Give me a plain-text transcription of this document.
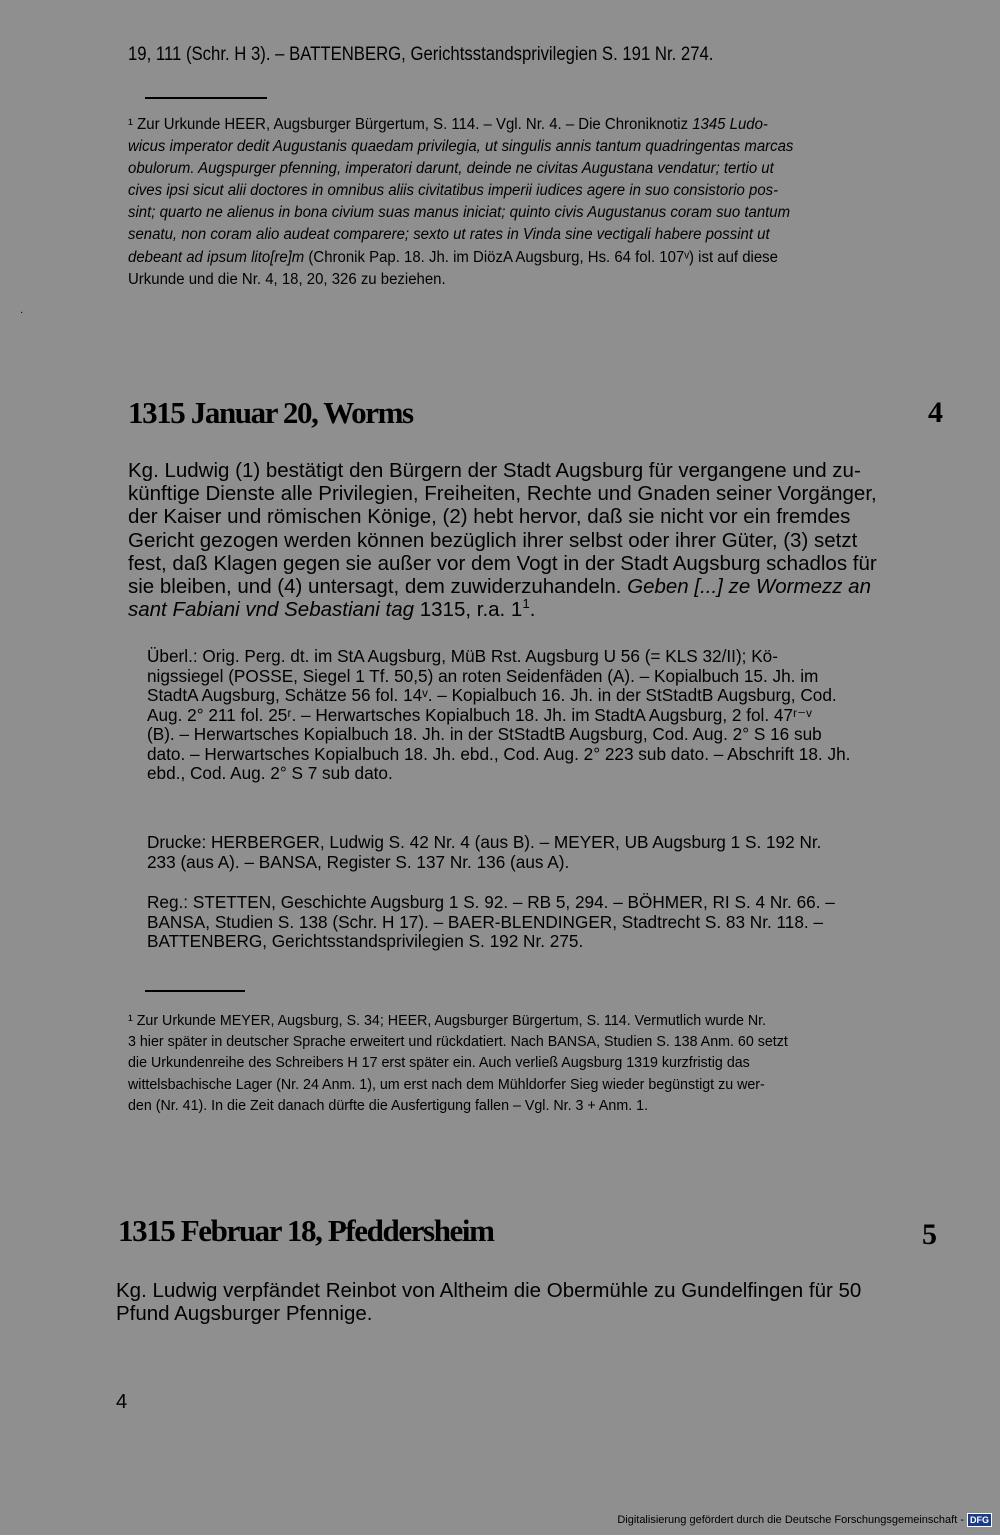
19, 111 (Schr. H 3). – BATTENBERG, Gerichtsstandsprivilegien S. 191 Nr. 274.
¹ Zur Urkunde HEER, Augsburger Bürgertum, S. 114. – Vgl. Nr. 4. – Die Chroniknotiz 1345 Ludo-
wicus imperator dedit Augustanis quaedam privilegia, ut singulis annis tantum quadringentas marcas
obulorum. Augspurger pfenning, imperatori darunt, deinde ne civitas Augustana vendatur; tertio ut
cives ipsi sicut alii doctores in omnibus aliis civitatibus imperii iudices agere in suo consistorio pos-
sint; quarto ne alienus in bona civium suas manus iniciat; quinto civis Augustanus coram suo tantum
senatu, non coram alio audeat comparere; sexto ut rates in Vinda sine vectigali habere possint ut
debeant ad ipsum lito[re]m (Chronik Pap. 18. Jh. im DiözA Augsburg, Hs. 64 fol. 107ᵛ) ist auf diese
Urkunde und die Nr. 4, 18, 20, 326 zu beziehen.
·
1315 Januar 20, Worms	4
Kg. Ludwig (1) bestätigt den Bürgern der Stadt Augsburg für vergangene und zu-
künftige Dienste alle Privilegien, Freiheiten, Rechte und Gnaden seiner Vorgänger,
der Kaiser und römischen Könige, (2) hebt hervor, daß sie nicht vor ein fremdes
Gericht gezogen werden können bezüglich ihrer selbst oder ihrer Güter, (3) setzt
fest, daß Klagen gegen sie außer vor dem Vogt in der Stadt Augsburg schadlos für
sie bleiben, und (4) untersagt, dem zuwiderzuhandeln. Geben [...] ze Wormezz an
sant Fabiani vnd Sebastiani tag 1315, r.a. $1^1$.
Überl.: Orig. Perg. dt. im StA Augsburg, MüB Rst. Augsburg U 56 (= KLS 32/II); Kö-
nigssiegel (POSSE, Siegel 1 Tf. 50,5) an roten Seidenfäden (A). – Kopialbuch 15. Jh. im
StadtA Augsburg, Schätze 56 fol. 14ᵛ. – Kopialbuch 16. Jh. in der StStadtB Augsburg, Cod.
Aug. 2° 211 fol. 25ʳ. – Herwartsches Kopialbuch 18. Jh. im StadtA Augsburg, 2 fol. 47ʳ⁻ᵛ
(B). – Herwartsches Kopialbuch 18. Jh. in der StStadtB Augsburg, Cod. Aug. 2° S 16 sub
dato. – Herwartsches Kopialbuch 18. Jh. ebd., Cod. Aug. 2° 223 sub dato. – Abschrift 18. Jh.
ebd., Cod. Aug. 2° S 7 sub dato.
Drucke: HERBERGER, Ludwig S. 42 Nr. 4 (aus B). – MEYER, UB Augsburg 1 S. 192 Nr.
233 (aus A). – BANSA, Register S. 137 Nr. 136 (aus A).
Reg.: STETTEN, Geschichte Augsburg 1 S. 92. – RB 5, 294. – BÖHMER, RI S. 4 Nr. 66. –
BANSA, Studien S. 138 (Schr. H 17). – BAER-BLENDINGER, Stadtrecht S. 83 Nr. 118. –
BATTENBERG, Gerichtsstandsprivilegien S. 192 Nr. 275.
¹ Zur Urkunde MEYER, Augsburg, S. 34; HEER, Augsburger Bürgertum, S. 114. Vermutlich wurde Nr.
3 hier später in deutscher Sprache erweitert und rückdatiert. Nach BANSA, Studien S. 138 Anm. 60 setzt
die Urkundenreihe des Schreibers H 17 erst später ein. Auch verließ Augsburg 1319 kurzfristig das
wittelsbachische Lager (Nr. 24 Anm. 1), um erst nach dem Mühldorfer Sieg wieder begünstigt zu wer-
den (Nr. 41). In die Zeit danach dürfte die Ausfertigung fallen – Vgl. Nr. 3 + Anm. 1.
1315 Februar 18, Pfeddersheim	5
Kg. Ludwig verpfändet Reinbot von Altheim die Obermühle zu Gundelfingen für 50
Pfund Augsburger Pfennige.
4
Digitalisierung gefördert durch die Deutsche Forschungsgemeinschaft - DFG
